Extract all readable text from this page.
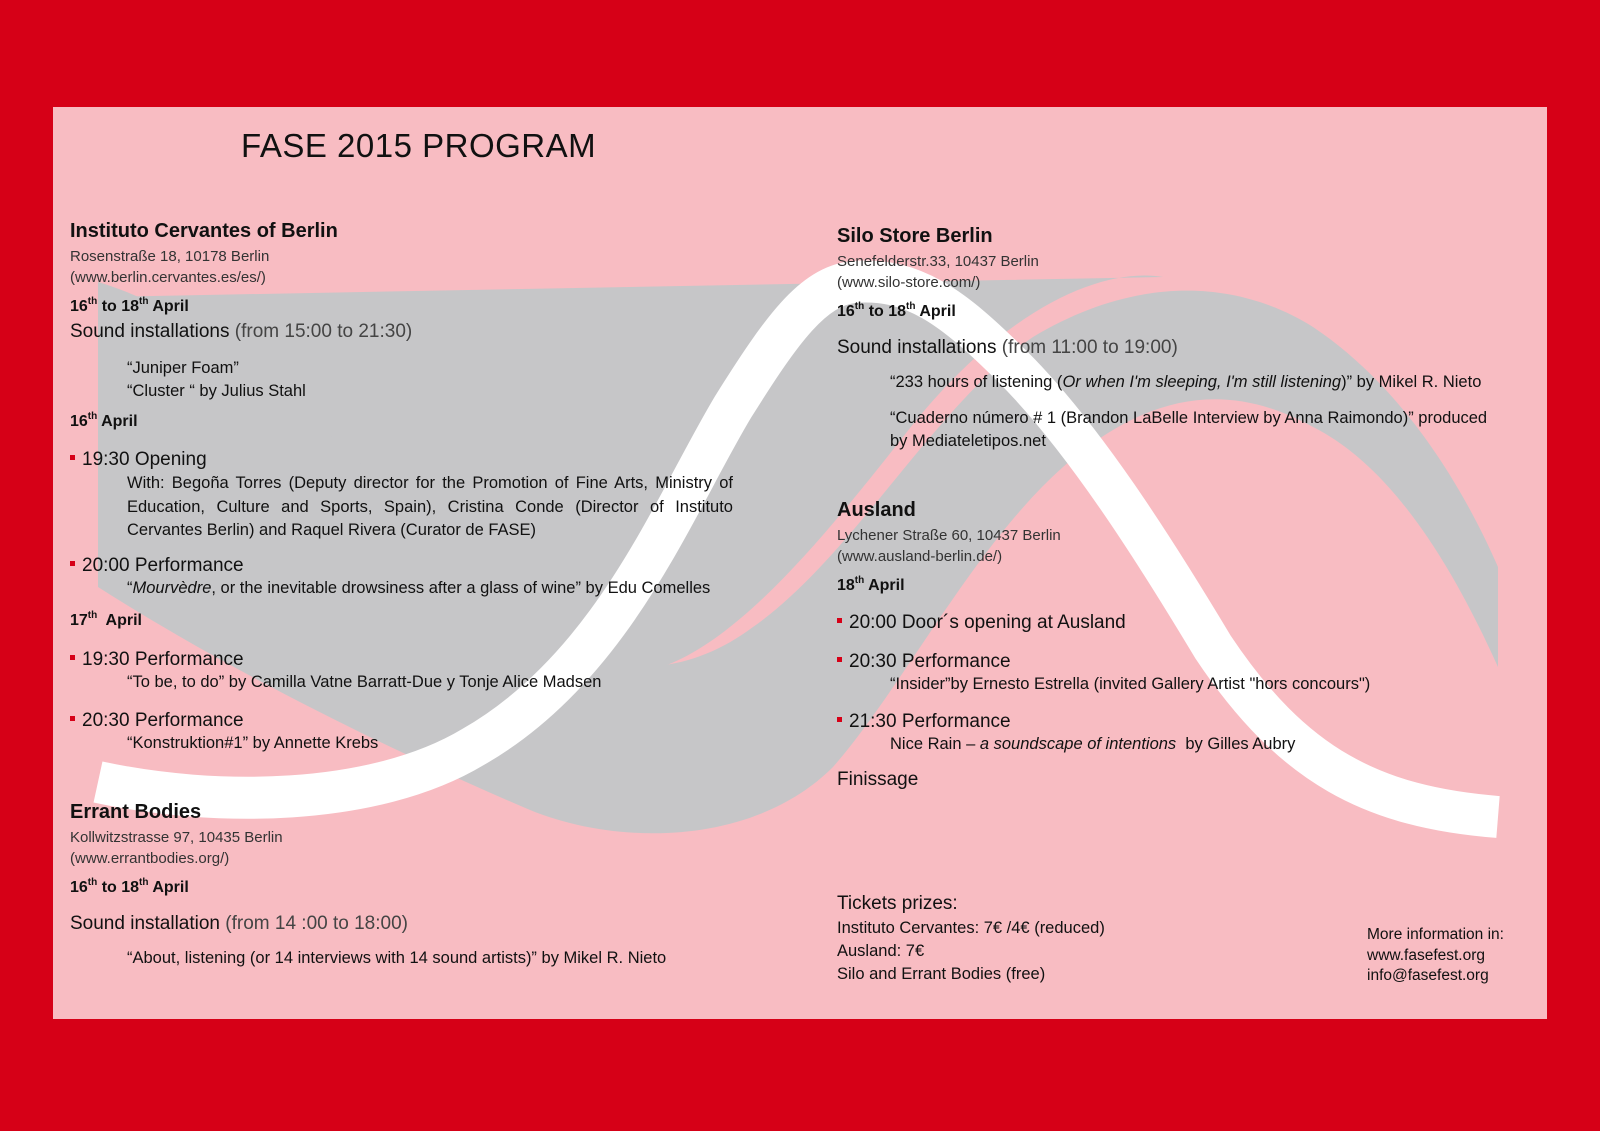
FASE 2015 PROGRAM
Instituto Cervantes of Berlin
Rosenstraße 18, 10178 Berlin
(www.berlin.cervantes.es/es/)
16th to 18th April
Sound installations (from 15:00 to 21:30)
“Juniper Foam”
“Cluster “ by Julius Stahl
16th April
19:30 Opening
With: Begoña Torres (Deputy director for the Promotion of Fine Arts, Ministry of Education, Culture and Sports, Spain), Cristina Conde (Director of Instituto Cervantes Berlin) and Raquel Rivera (Curator de FASE)
20:00 Performance
“Mourvèdre, or the inevitable drowsiness after a glass of wine” by Edu Comelles
17th  April
19:30 Performance
“To be, to do” by Camilla Vatne Barratt-Due y Tonje Alice Madsen
20:30 Performance
“Konstruktion#1” by Annette Krebs
Errant Bodies
Kollwitzstrasse 97, 10435 Berlin
(www.errantbodies.org/)
16th to 18th April
Sound installation (from 14 :00 to 18:00)
“About, listening (or 14 interviews with 14 sound artists)” by Mikel R. Nieto
Silo Store Berlin
Senefelderstr.33, 10437 Berlin
(www.silo-store.com/)
16th to 18th April
Sound installations (from 11:00 to 19:00)
“233 hours of listening (Or when I'm sleeping, I'm still listening)” by Mikel R. Nieto
“Cuaderno número # 1 (Brandon LaBelle Interview by Anna Raimondo)” produced
by Mediateletipos.net
Ausland
Lychener Straße 60, 10437 Berlin
(www.ausland-berlin.de/)
18th April
20:00 Door´s opening at Ausland
20:30 Performance
“Insider”by Ernesto Estrella (invited Gallery Artist "hors concours")
21:30 Performance
Nice Rain – a soundscape of intentions  by Gilles Aubry
Finissage
Tickets prizes:
Instituto Cervantes: 7€ /4€ (reduced)
Ausland: 7€
Silo and Errant Bodies (free)
More information in:
www.fasefest.org
info@fasefest.org
